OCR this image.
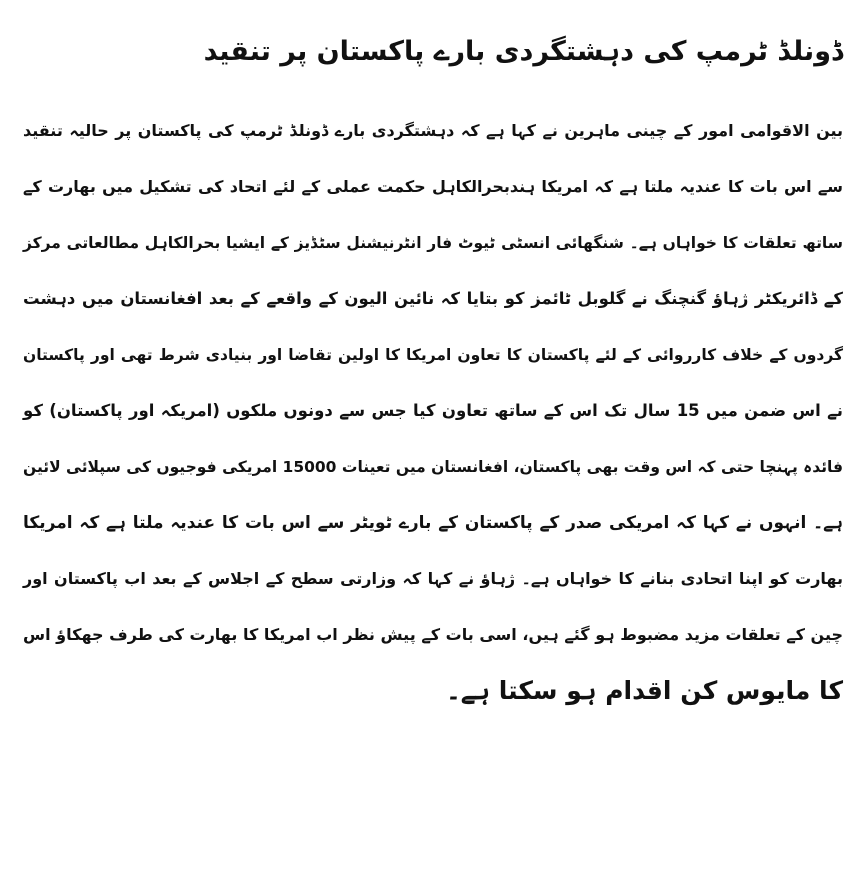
ڈونلڈ ٹرمپ کی دہشتگردی بارے پاکستان پر تنقید
بین الاقوامی امور کے چینی ماہرین نے کہا ہے کہ دہشتگردی بارے ڈونلڈ ٹرمپ کی پاکستان پر حالیہ تنقید
سے اس بات کا عندیہ ملتا ہے کہ امریکا ہندبحرالکاہل حکمت عملی کے لئے اتحاد کی تشکیل میں بھارت کے
ساتھ تعلقات کا خواہاں ہے۔ شنگھائی انسٹی ٹیوٹ فار انٹرنیشنل سٹڈیز کے ایشیا بحرالکاہل مطالعاتی مرکز
کے ڈائریکٹر ژہاؤ گنچنگ نے گلوبل ٹائمز کو بتایا کہ نائین الیون کے واقعے کے بعد افغانستان میں دہشت
گردوں کے خلاف کارروائی کے لئے پاکستان کا تعاون امریکا کا اولین تقاضا اور بنیادی شرط تھی اور پاکستان
نے اس ضمن میں 15 سال تک اس کے ساتھ تعاون کیا جس سے دونوں ملکوں (امریکہ اور پاکستان) کو
فائدہ پہنچا حتی کہ اس وقت بھی پاکستان، افغانستان میں تعینات 15000 امریکی فوجیوں کی سپلائی لائین
ہے۔ انہوں نے کہا کہ امریکی صدر کے پاکستان کے بارے ٹویٹر سے اس بات کا عندیہ ملتا ہے کہ امریکا
بھارت کو اپنا اتحادی بنانے کا خواہاں ہے۔ ژہاؤ نے کہا کہ وزارتی سطح کے اجلاس کے بعد اب پاکستان اور
چین کے تعلقات مزید مضبوط ہو گئے ہیں، اسی بات کے پیش نظر اب امریکا کا بھارت کی طرف جھکاؤ اس
کا مایوس کن اقدام ہو سکتا ہے۔
